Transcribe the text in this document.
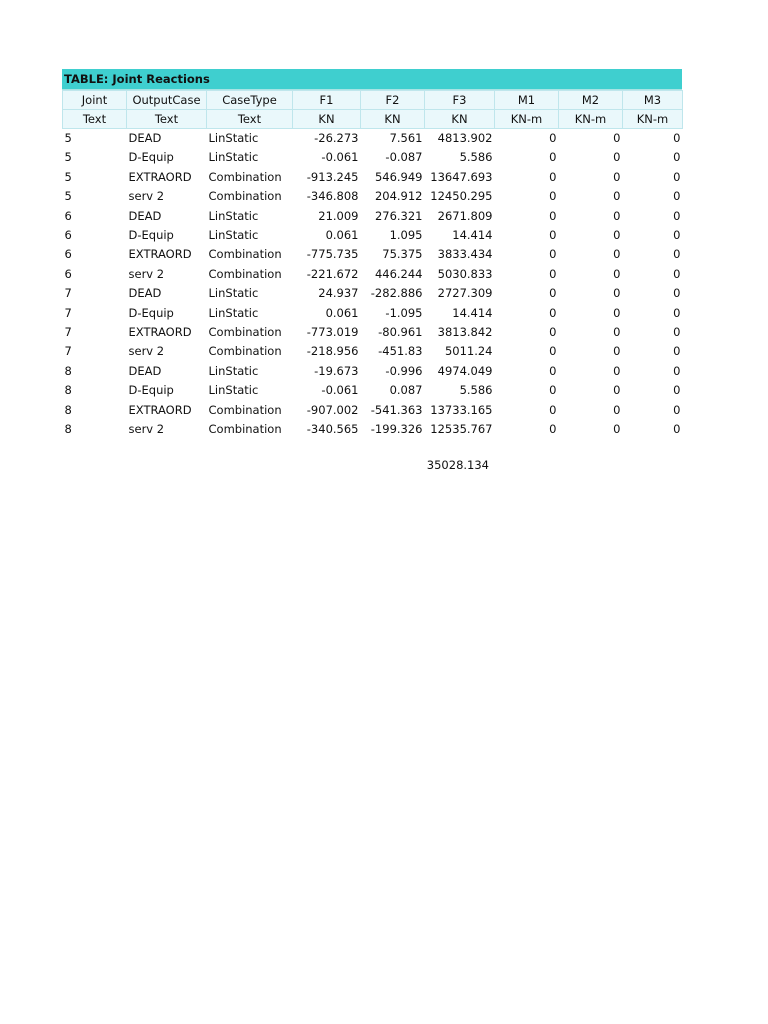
TABLE: Joint Reactions
Joint	OutputCase	CaseType	F1	F2	F3	M1	M2	M3
Text	Text	Text	KN	KN	KN	KN-m	KN-m	KN-m
5	DEAD	LinStatic	-26.273	7.561	4813.902	0	0	0
5	D-Equip	LinStatic	-0.061	-0.087	5.586	0	0	0
5	EXTRAORD	Combination	-913.245	546.949	13647.693	0	0	0
5	serv 2	Combination	-346.808	204.912	12450.295	0	0	0
6	DEAD	LinStatic	21.009	276.321	2671.809	0	0	0
6	D-Equip	LinStatic	0.061	1.095	14.414	0	0	0
6	EXTRAORD	Combination	-775.735	75.375	3833.434	0	0	0
6	serv 2	Combination	-221.672	446.244	5030.833	0	0	0
7	DEAD	LinStatic	24.937	-282.886	2727.309	0	0	0
7	D-Equip	LinStatic	0.061	-1.095	14.414	0	0	0
7	EXTRAORD	Combination	-773.019	-80.961	3813.842	0	0	0
7	serv 2	Combination	-218.956	-451.83	5011.24	0	0	0
8	DEAD	LinStatic	-19.673	-0.996	4974.049	0	0	0
8	D-Equip	LinStatic	-0.061	0.087	5.586	0	0	0
8	EXTRAORD	Combination	-907.002	-541.363	13733.165	0	0	0
8	serv 2	Combination	-340.565	-199.326	12535.767	0	0	0
35028.134
